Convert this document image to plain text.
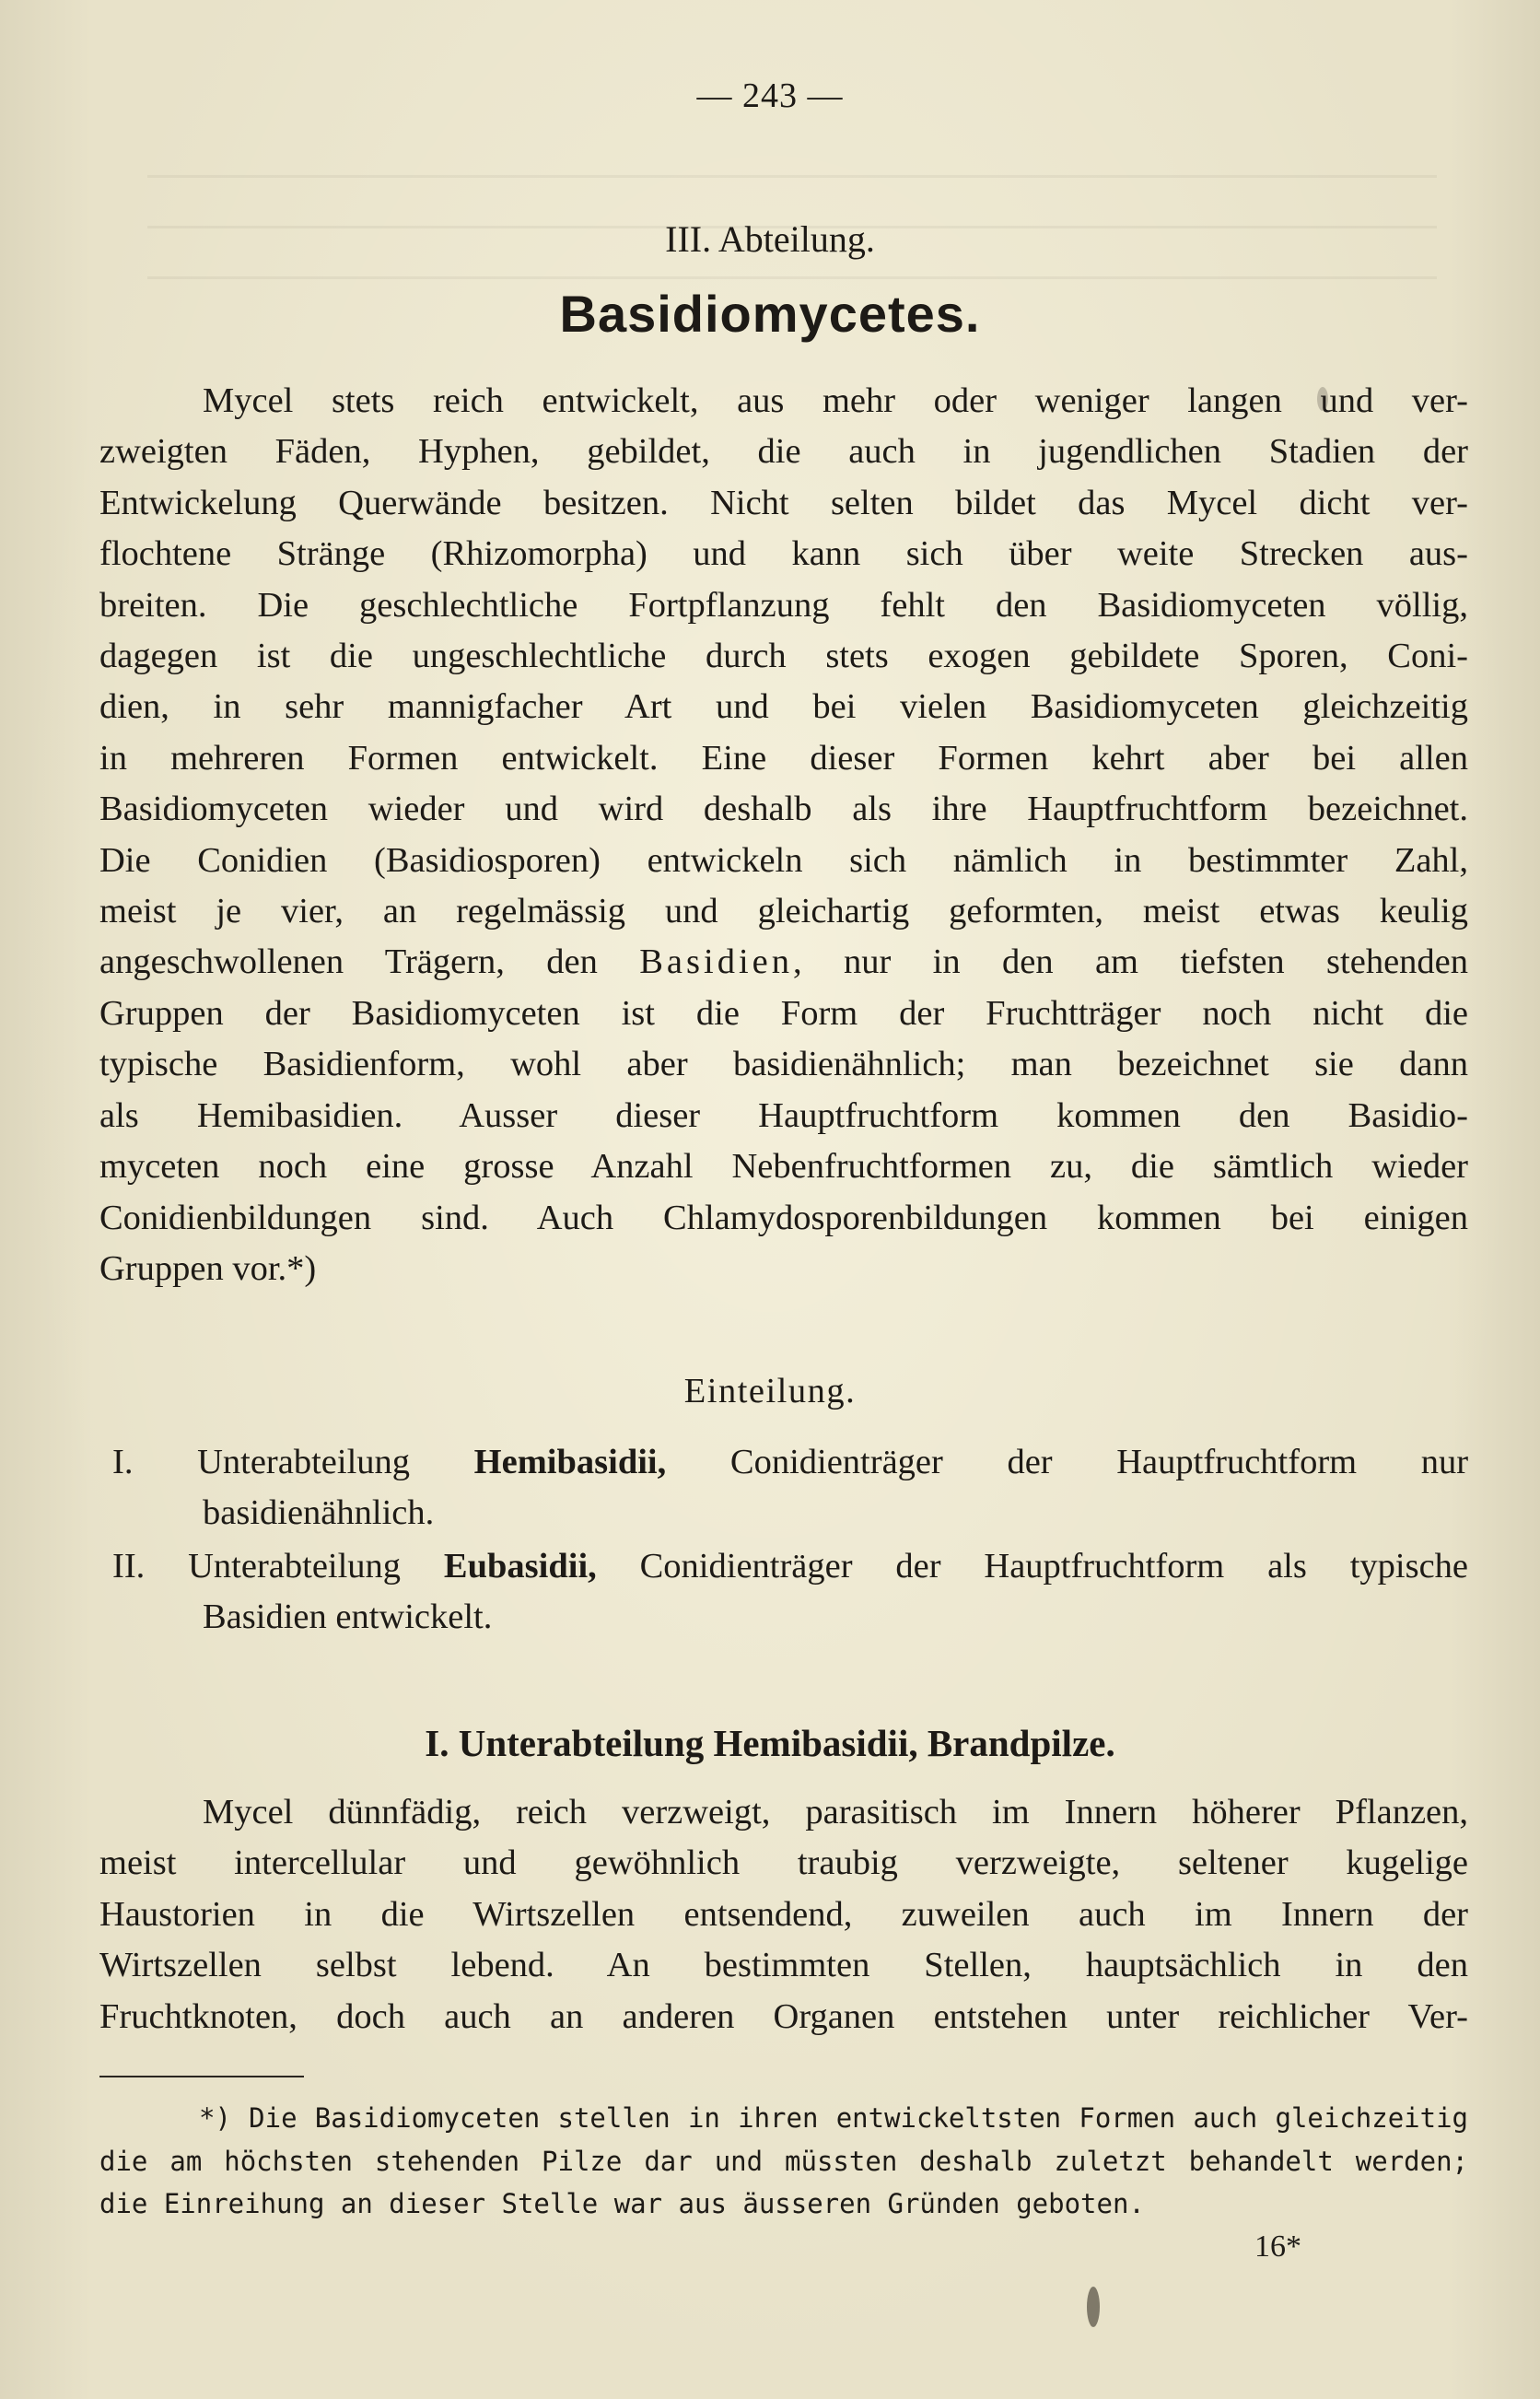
— 243 —
III. Abteilung.
Basidiomycetes.

Mycel stets reich entwickelt, aus mehr oder weniger langen und ver-
zweigten Fäden, Hyphen, gebildet, die auch in jugendlichen Stadien der
Entwickelung Querwände besitzen. Nicht selten bildet das Mycel dicht ver-
flochtene Stränge (Rhizomorpha) und kann sich über weite Strecken aus-
breiten. Die geschlechtliche Fortpflanzung fehlt den Basidiomyceten völlig,
dagegen ist die ungeschlechtliche durch stets exogen gebildete Sporen, Coni-
dien, in sehr mannigfacher Art und bei vielen Basidiomyceten gleichzeitig
in mehreren Formen entwickelt. Eine dieser Formen kehrt aber bei allen
Basidiomyceten wieder und wird deshalb als ihre Hauptfruchtform bezeichnet.
Die Conidien (Basidiosporen) entwickeln sich nämlich in bestimmter Zahl,
meist je vier, an regelmässig und gleichartig geformten, meist etwas keulig
angeschwollenen Trägern, den Basidien, nur in den am tiefsten stehenden
Gruppen der Basidiomyceten ist die Form der Fruchtträger noch nicht die
typische Basidienform, wohl aber basidienähnlich; man bezeichnet sie dann
als Hemibasidien. Ausser dieser Hauptfruchtform kommen den Basidio-
myceten noch eine grosse Anzahl Nebenfruchtformen zu, die sämtlich wieder
Conidienbildungen sind. Auch Chlamydosporenbildungen kommen bei einigen
Gruppen vor.*)

Einteilung.
I. Unterabteilung Hemibasidii, Conidienträger der Hauptfruchtform nur
basidienähnlich.
II. Unterabteilung Eubasidii, Conidienträger der Hauptfruchtform als typische
Basidien entwickelt.
I. Unterabteilung Hemibasidii, Brandpilze.

Mycel dünnfädig, reich verzweigt, parasitisch im Innern höherer Pflanzen,
meist intercellular und gewöhnlich traubig verzweigte, seltener kugelige
Haustorien in die Wirtszellen entsendend, zuweilen auch im Innern der
Wirtszellen selbst lebend. An bestimmten Stellen, hauptsächlich in den
Fruchtknoten, doch auch an anderen Organen entstehen unter reichlicher Ver-

*) Die Basidiomyceten stellen in ihren entwickeltsten Formen auch gleichzeitig
die am höchsten stehenden Pilze dar und müssten deshalb zuletzt behandelt werden;
die Einreihung an dieser Stelle war aus äusseren Gründen geboten.

16*
